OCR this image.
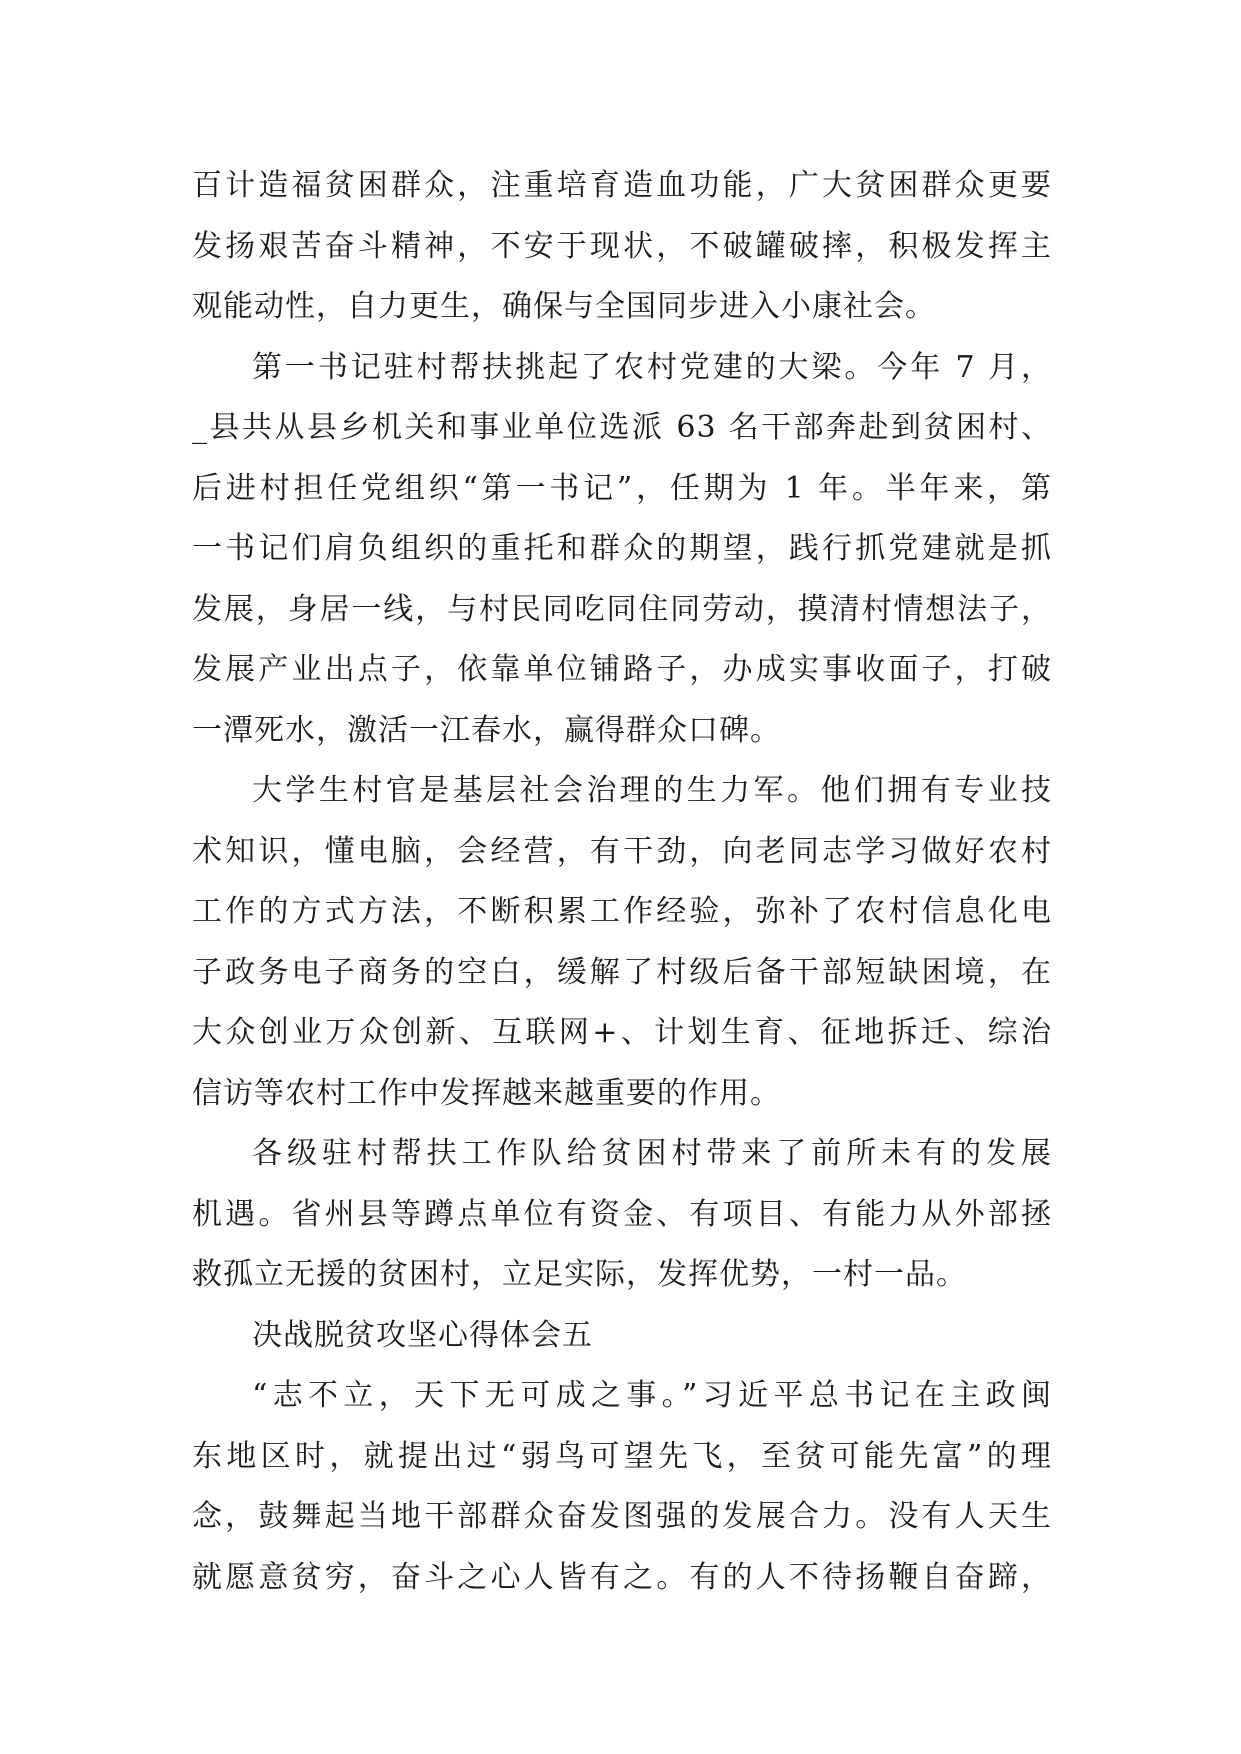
百计造福贫困群众，注重培育造血功能，广大贫困群众更要
发扬艰苦奋斗精神，不安于现状，不破罐破摔，积极发挥主
观能动性，自力更生，确保与全国同步进入小康社会。
第一书记驻村帮扶挑起了农村党建的大梁。今年 7 月，
_县共从县乡机关和事业单位选派 63 名干部奔赴到贫困村、
后进村担任党组织“第一书记”，任期为 1 年。半年来，第
一书记们肩负组织的重托和群众的期望，践行抓党建就是抓
发展，身居一线，与村民同吃同住同劳动，摸清村情想法子，
发展产业出点子，依靠单位铺路子，办成实事收面子，打破
一潭死水，激活一江春水，赢得群众口碑。
大学生村官是基层社会治理的生力军。他们拥有专业技
术知识，懂电脑，会经营，有干劲，向老同志学习做好农村
工作的方式方法，不断积累工作经验，弥补了农村信息化电
子政务电子商务的空白，缓解了村级后备干部短缺困境，在
大众创业万众创新、互联网+、计划生育、征地拆迁、综治
信访等农村工作中发挥越来越重要的作用。
各级驻村帮扶工作队给贫困村带来了前所未有的发展
机遇。省州县等蹲点单位有资金、有项目、有能力从外部拯
救孤立无援的贫困村，立足实际，发挥优势，一村一品。
决战脱贫攻坚心得体会五
“志不立，天下无可成之事。”习近平总书记在主政闽
东地区时，就提出过“弱鸟可望先飞，至贫可能先富”的理
念，鼓舞起当地干部群众奋发图强的发展合力。没有人天生
就愿意贫穷，奋斗之心人皆有之。有的人不待扬鞭自奋蹄，
